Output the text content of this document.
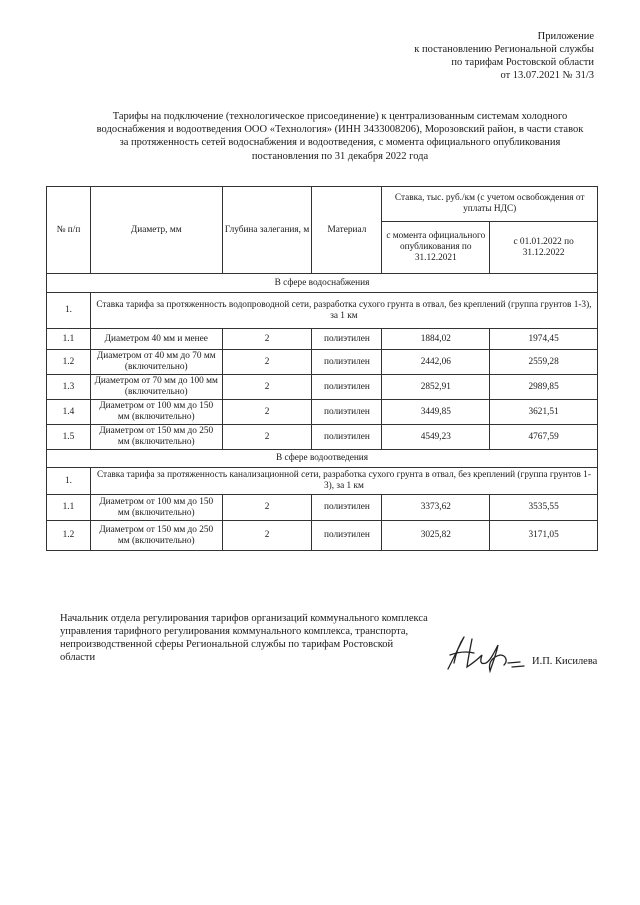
Приложение
к постановлению Региональной службы
по тарифам Ростовской области
от 13.07.2021 № 31/3
Тарифы на подключение (технологическое присоединение) к централизованным системам холодного водоснабжения и водоотведения ООО «Технология» (ИНН 3433008206), Морозовский район, в части ставок за протяженность сетей водоснабжения и водоотведения, с момента официального опубликования постановления по 31 декабря 2022 года
№ п/п	Диаметр, мм	Глубина залегания, м	Материал	Ставка, тыс. руб./км (с учетом освобождения от уплаты НДС)	
				с момента официального опубликования по 31.12.2021	с 01.01.2022 по 31.12.2022
В сфере водоснабжения					
1.	Ставка тарифа за протяженность водопроводной сети, разработка сухого грунта в отвал, без креплений (группа грунтов 1-3), за 1 км				
1.1	Диаметром 40 мм и менее	2	полиэтилен	1884,02	1974,45
1.2	Диаметром от 40 мм до 70 мм (включительно)	2	полиэтилен	2442,06	2559,28
1.3	Диаметром от 70 мм до 100 мм (включительно)	2	полиэтилен	2852,91	2989,85
1.4	Диаметром от 100 мм до 150 мм (включительно)	2	полиэтилен	3449,85	3621,51
1.5	Диаметром от 150 мм до 250 мм (включительно)	2	полиэтилен	4549,23	4767,59
В сфере водоотведения					
1.	Ставка тарифа за протяженность канализационной сети, разработка сухого грунта в отвал, без креплений (группа грунтов 1-3), за 1 км				
1.1	Диаметром от 100 мм до 150 мм (включительно)	2	полиэтилен	3373,62	3535,55
1.2	Диаметром от 150 мм до 250 мм (включительно)	2	полиэтилен	3025,82	3171,05
Начальник отдела регулирования тарифов организаций коммунального комплекса управления тарифного регулирования коммунального комплекса, транспорта, непроизводственной сферы Региональной службы по тарифам Ростовской области	И.П. Кисилева
